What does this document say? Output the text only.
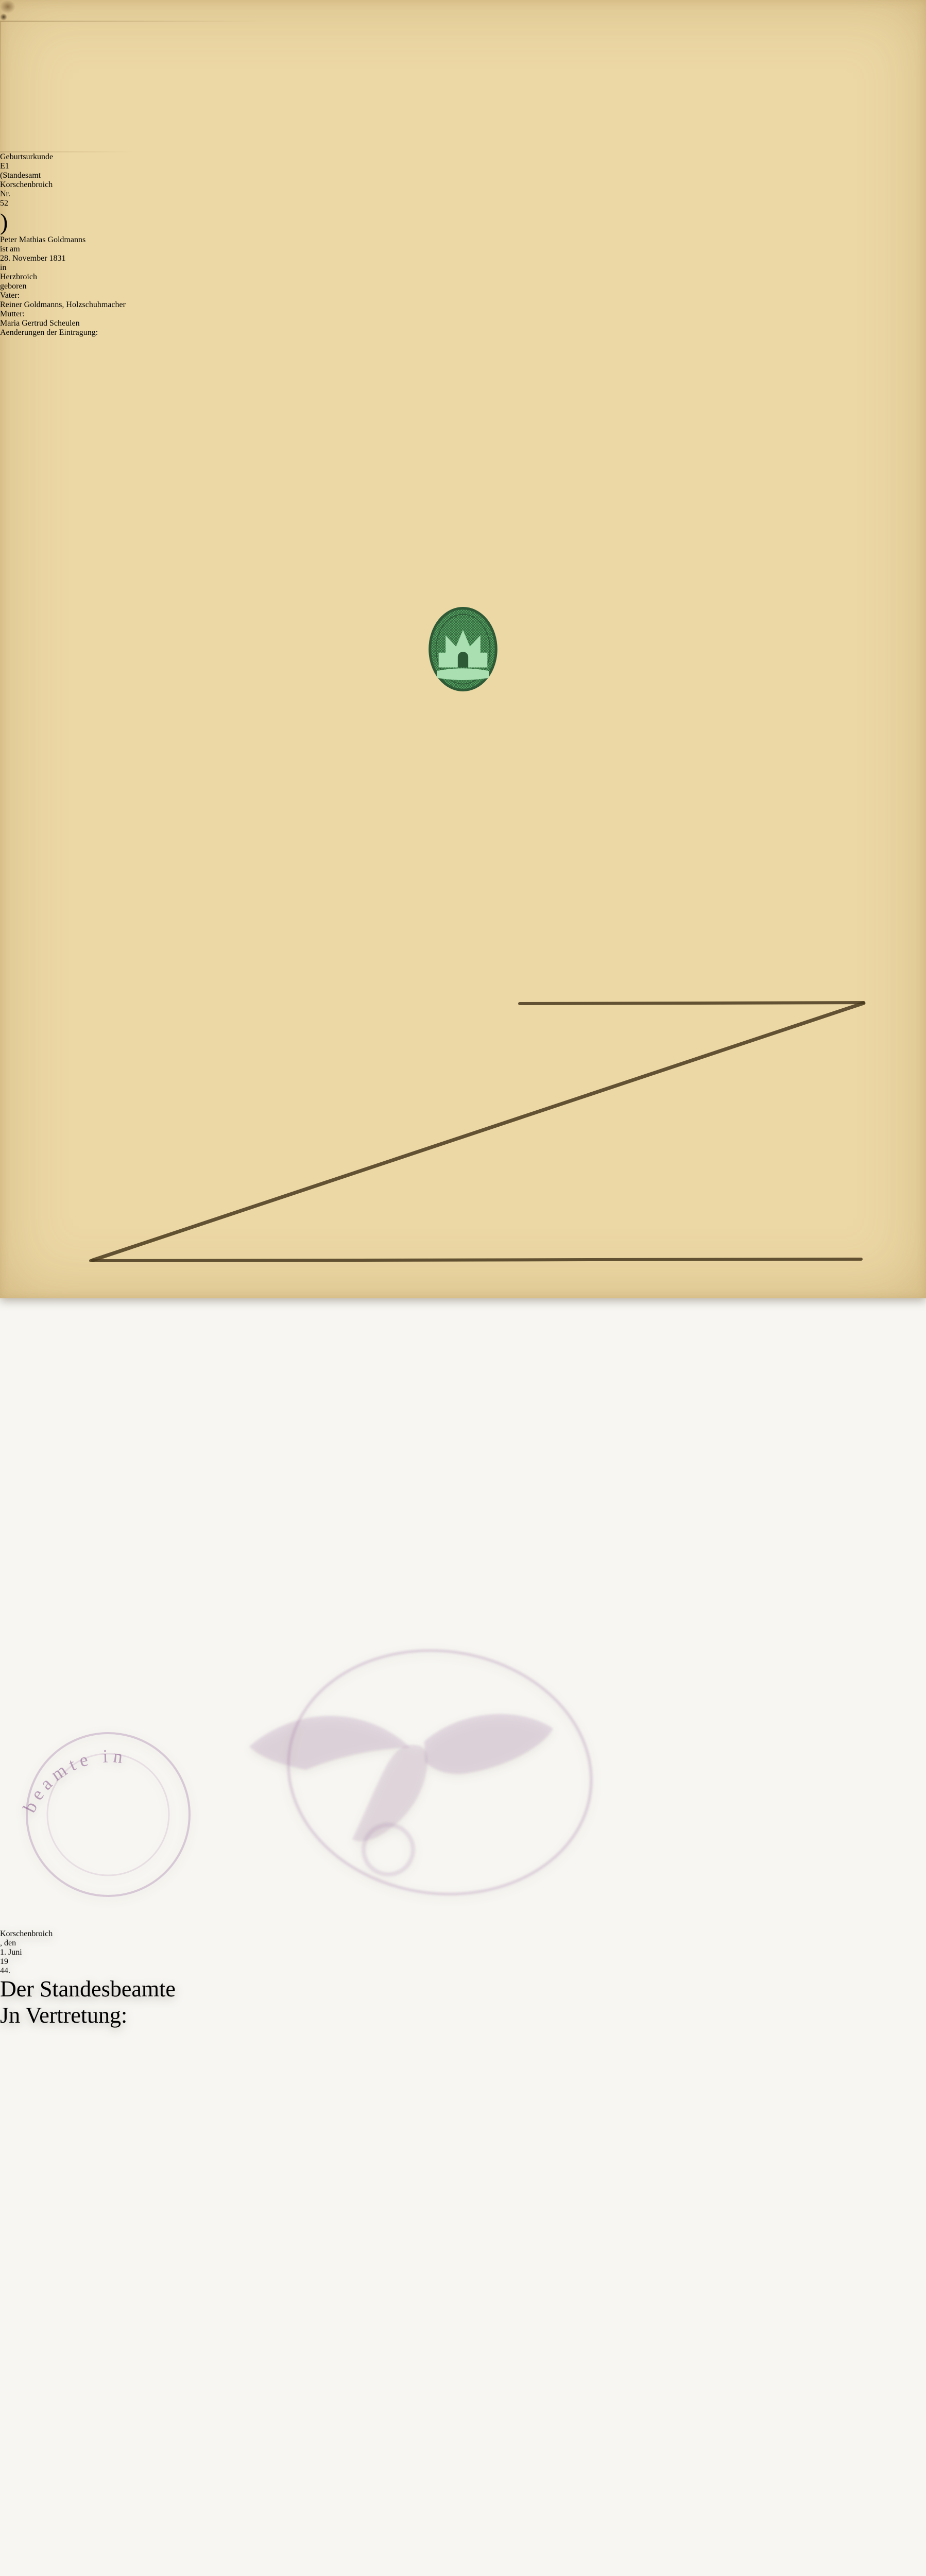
Geburtsurkunde
E1
(Standesamt
Korschenbroich
Nr.
52
)
Peter Mathias Goldmanns
ist am
28. November 1831
in
Herzbroich
geboren
Vater:
Reiner Goldmanns, Holzschuhmacher
Mutter:
Maria Gertrud Scheulen
Aenderungen der Eintragung:

beamte in

Korschenbroich
, den
1. Juni
19
44.
Der Standesbeamte
Jn Vertretung:
